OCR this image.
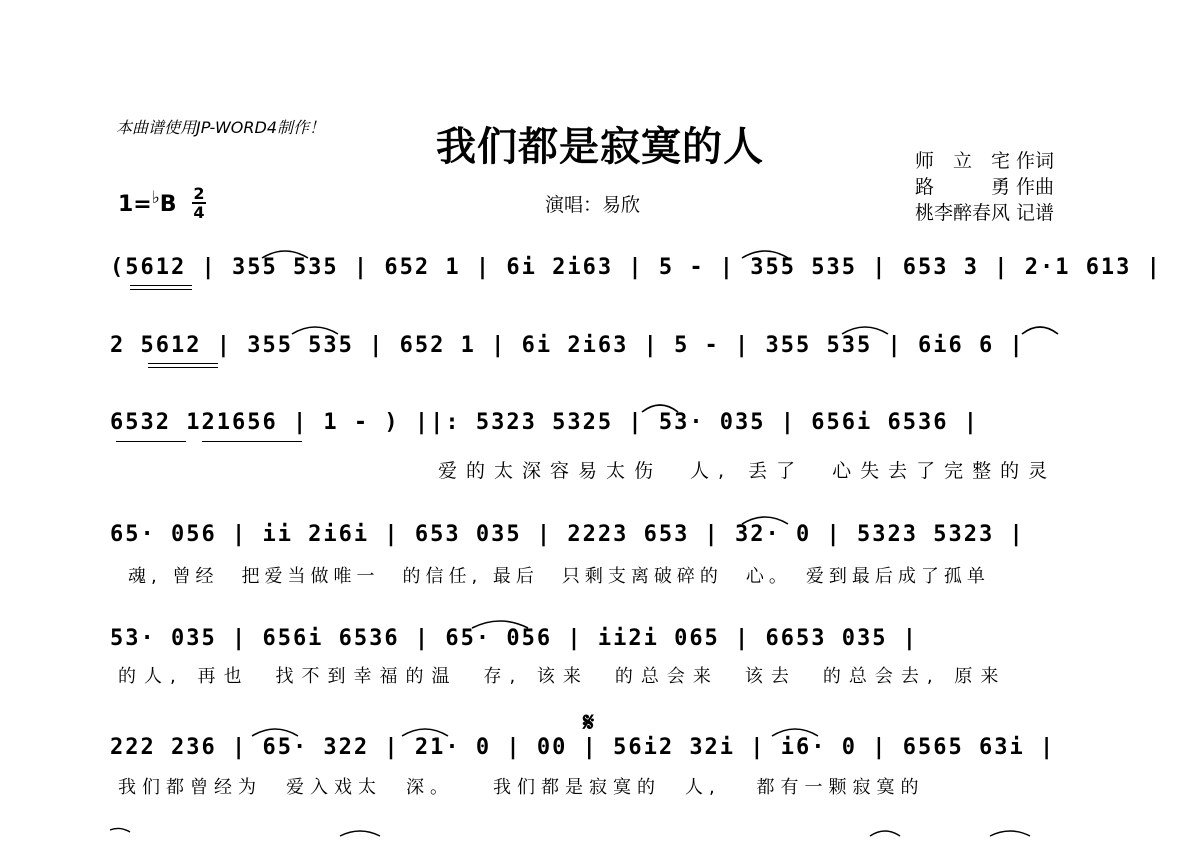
本曲谱使用JP-WORD4制作！	我们都是寂寞的人
演唱：易欣
师　立　宅 作词
路　　　勇 作曲
桃李醉春风 记谱
1=♭B 2
4
(5612 | 355 535 | 652 1 | 6i 2i63 | 5 - | 355 535 | 653 3 | 2·1 613 |
2 5612 | 355 535 | 652 1 | 6i 2i63 | 5 - | 355 535 | 6i6 6 |
6532 121656 | 1 - ) ||: 5323 5325 | 53· 035 | 656i 6536 |
爱的太深容易太伤　人, 丢了　心失去了完整的灵
65· 056 | ii 2i6i | 653 035 | 2223 653 | 32· 0 | 5323 5323 |
魂, 曾经　把爱当做唯一　的信任, 最后　只剩支离破碎的　心。　爱到最后成了孤单
53· 035 | 656i 6536 | 65· 056 | ii2i 065 | 6653 035 |
的人, 再也　找不到幸福的温　存, 该来　的总会来　该去　的总会去, 原来
222 236 | 65· 322 | 21· 0 | 00 | 56i2 32i | i6· 0 | 6565 63i |
我们都曾经为　爱入戏太　深。　　我们都是寂寞的　人, 　都有一颗寂寞的
𝄋
